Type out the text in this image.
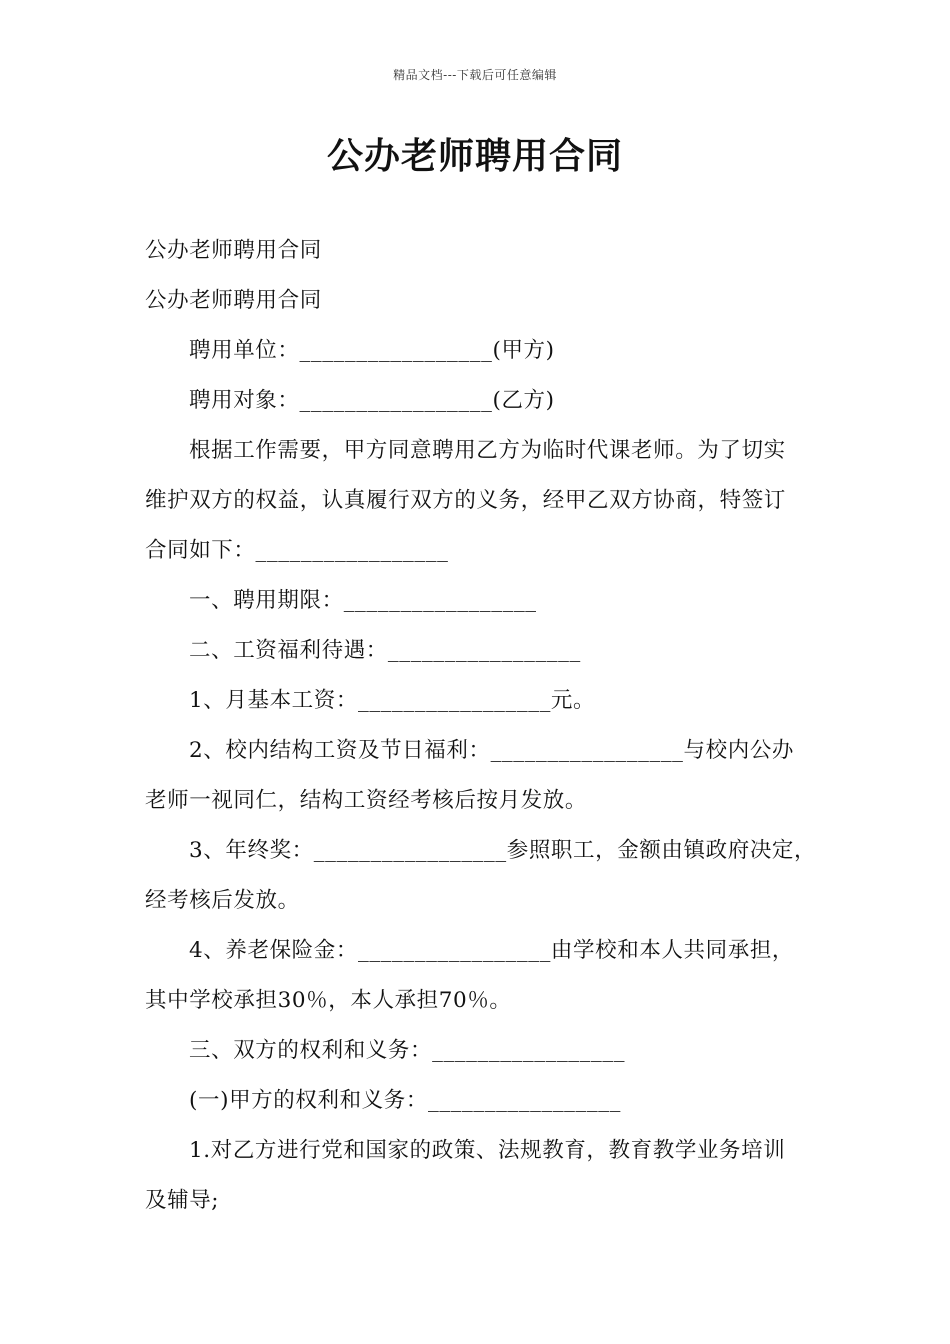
精品文档---下载后可任意编辑
公办老师聘用合同
公办老师聘用合同
公办老师聘用合同
聘用单位：_________________(甲方)
聘用对象：_________________(乙方)
根据工作需要，甲方同意聘用乙方为临时代课老师。为了切实
维护双方的权益，认真履行双方的义务，经甲乙双方协商，特签订
合同如下：_________________
一、聘用期限：_________________
二、工资福利待遇：_________________
1、月基本工资：_________________元。
2、校内结构工资及节日福利：_________________与校内公办
老师一视同仁，结构工资经考核后按月发放。
3、年终奖：_________________参照职工，金额由镇政府决定，
经考核后发放。
4、养老保险金：_________________由学校和本人共同承担，
其中学校承担30％，本人承担70％。
三、双方的权利和义务：_________________
(一)甲方的权利和义务：_________________
1.对乙方进行党和国家的政策、法规教育，教育教学业务培训
及辅导;
